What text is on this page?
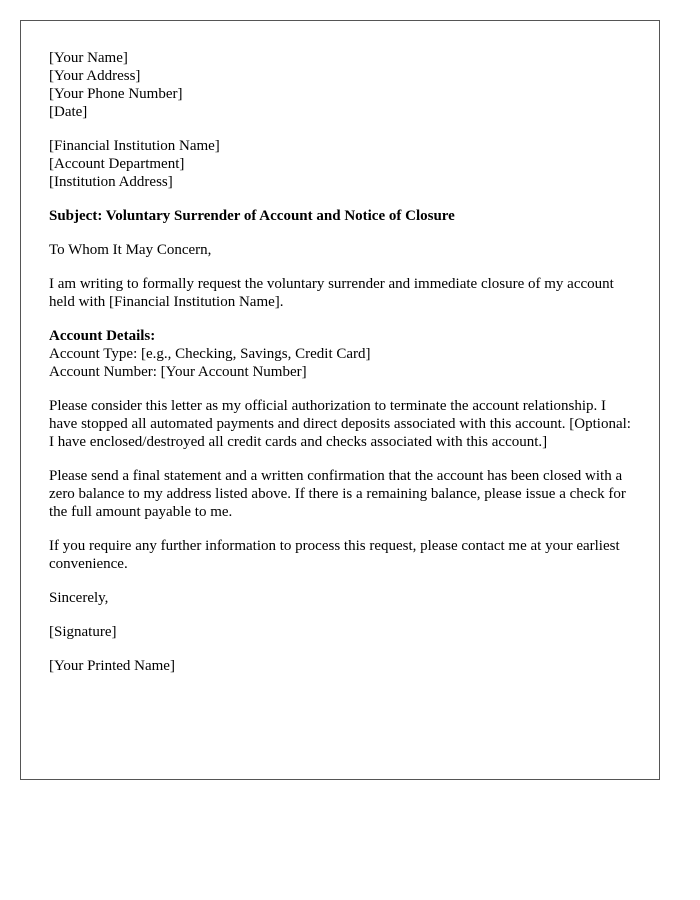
[Your Name]
[Your Address]
[Your Phone Number]
[Date]
[Financial Institution Name]
[Account Department]
[Institution Address]

Subject: Voluntary Surrender of Account and Notice of Closure

To Whom It May Concern,

I am writing to formally request the voluntary surrender and immediate closure of my account held with [Financial Institution Name].

Account Details:
Account Type: [e.g., Checking, Savings, Credit Card]
Account Number: [Your Account Number]

Please consider this letter as my official authorization to terminate the account relationship. I have stopped all automated payments and direct deposits associated with this account. [Optional: I have enclosed/destroyed all credit cards and checks associated with this account.]

Please send a final statement and a written confirmation that the account has been closed with a zero balance to my address listed above. If there is a remaining balance, please issue a check for the full amount payable to me.

If you require any further information to process this request, please contact me at your earliest convenience.

Sincerely,

[Signature]

[Your Printed Name]
